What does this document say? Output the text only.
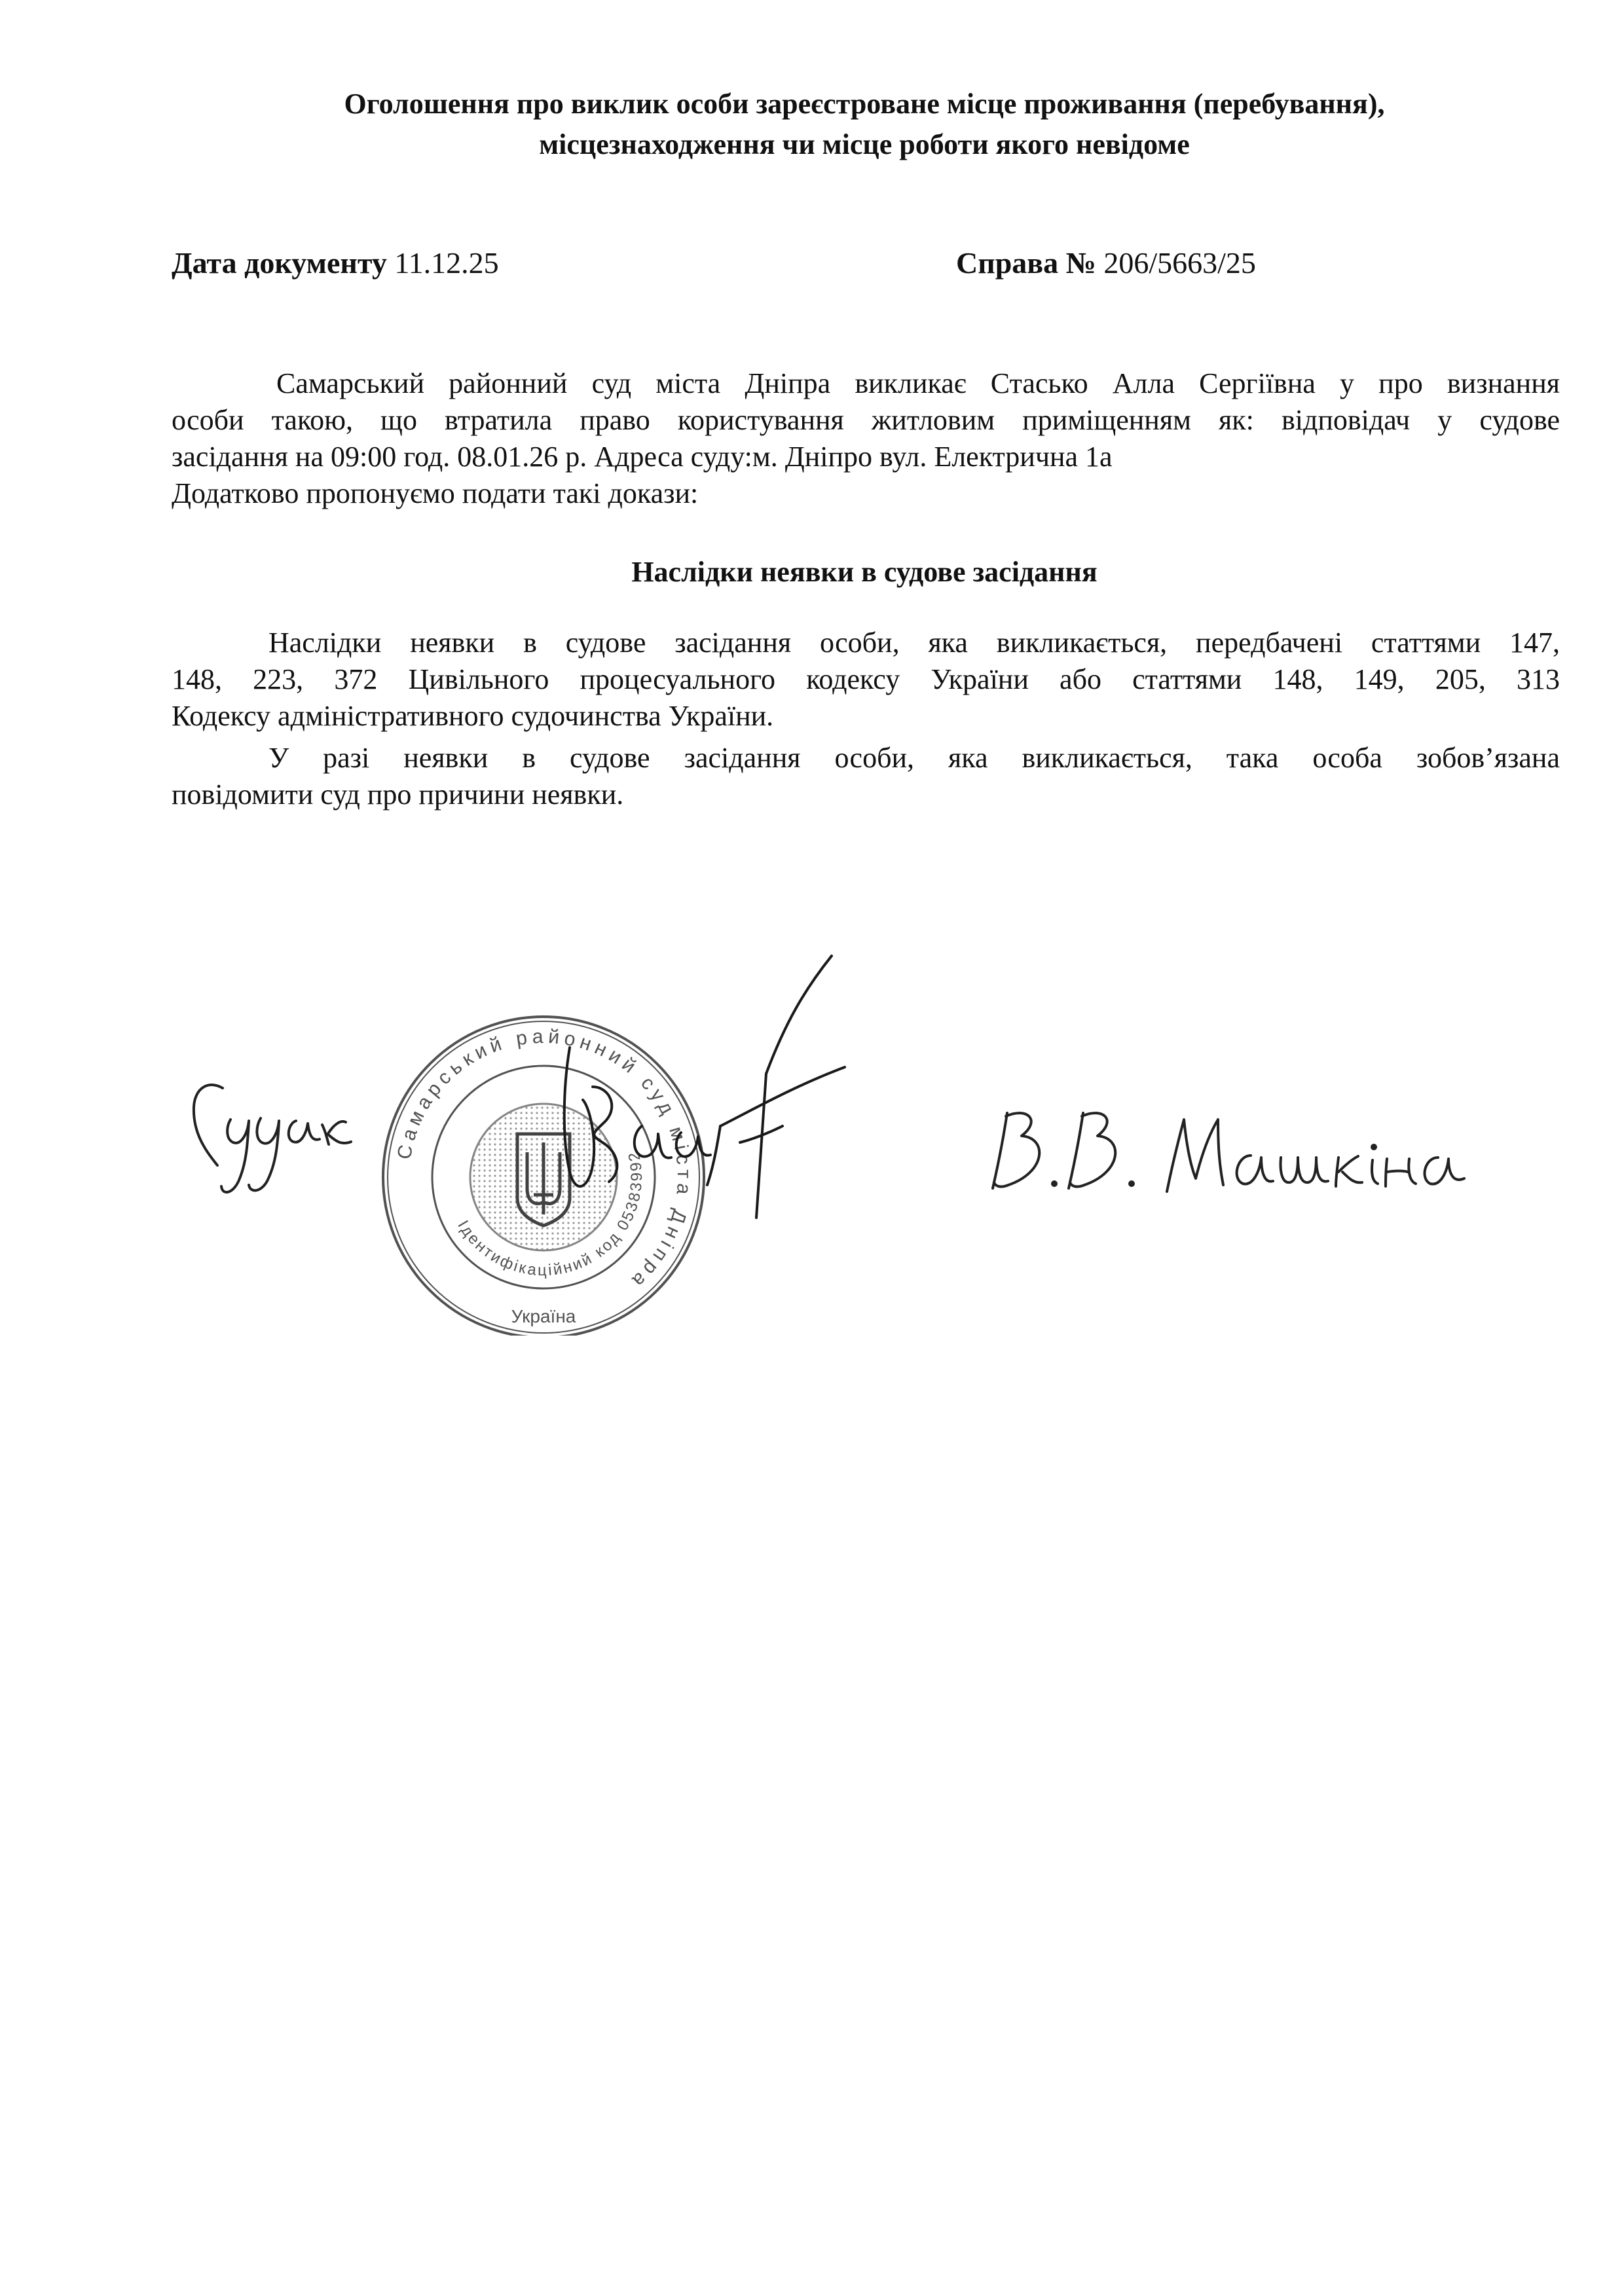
Оголошення про виклик особи зареєстроване місце проживання (перебування),
місцезнаходження чи місце роботи якого невідоме
Дата документу 11.12.25	Справа № 206/5663/25
Самарський районний суд міста Дніпра викликає Стасько Алла Сергіївна у про визнання
особи такою, що втратила право користування житловим приміщенням як: відповідач у судове
засідання на 09:00 год. 08.01.26 р. Адреса суду:м. Дніпро вул. Електрична 1а
Додатково пропонуємо подати такі докази:
Наслідки неявки в судове засідання
Наслідки неявки в судове засідання особи, яка викликається, передбачені статтями 147,
148, 223, 372 Цивільного процесуального кодексу України або статтями 148, 149, 205, 313
Кодексу адміністративного судочинства України.
У разі неявки в судове засідання особи, яка викликається, така особа зобов’язана
повідомити суд про причини неявки.
Самарський районний суд міста Дніпра
Ідентифікаційний код 05383992
Україна
